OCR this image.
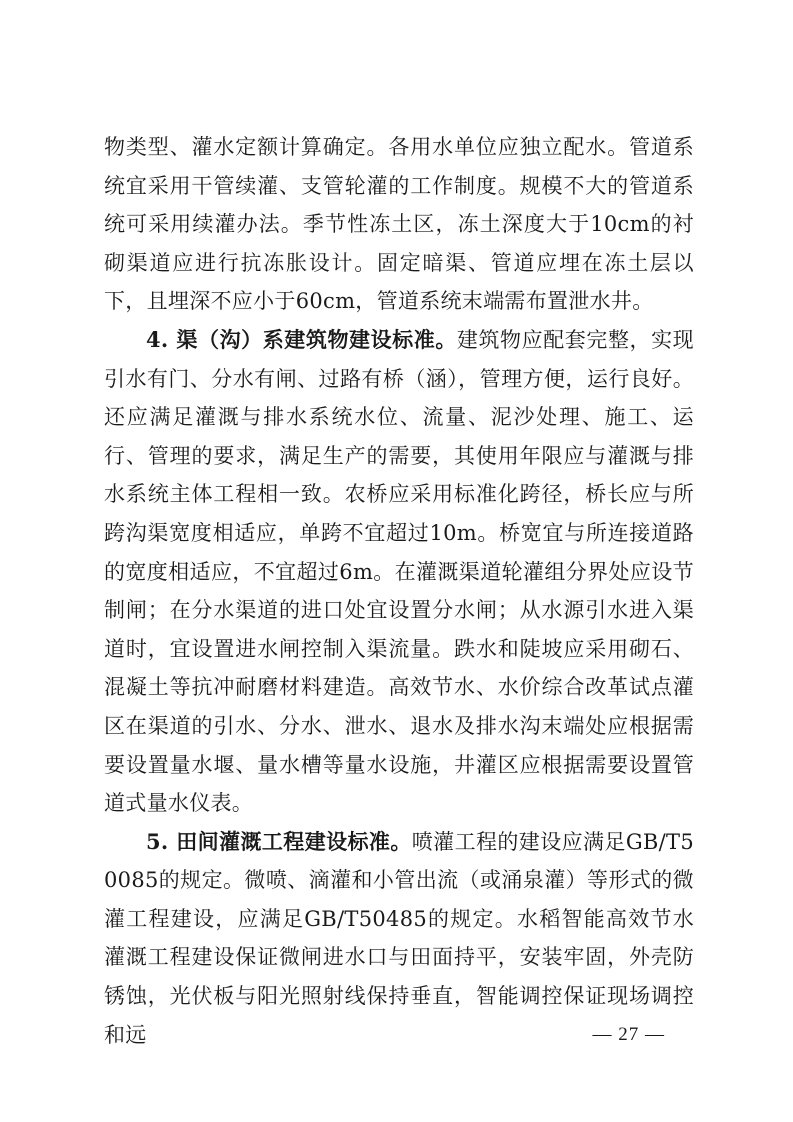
物类型、灌水定额计算确定。各用水单位应独立配水。管道系统宜采用干管续灌、支管轮灌的工作制度。规模不大的管道系统可采用续灌办法。季节性冻土区，冻土深度大于10cm的衬砌渠道应进行抗冻胀设计。固定暗渠、管道应埋在冻土层以下，且埋深不应小于60cm，管道系统末端需布置泄水井。

4. 渠（沟）系建筑物建设标准。建筑物应配套完整，实现引水有门、分水有闸、过路有桥（涵），管理方便，运行良好。还应满足灌溉与排水系统水位、流量、泥沙处理、施工、运行、管理的要求，满足生产的需要，其使用年限应与灌溉与排水系统主体工程相一致。农桥应采用标准化跨径，桥长应与所跨沟渠宽度相适应，单跨不宜超过10m。桥宽宜与所连接道路的宽度相适应，不宜超过6m。在灌溉渠道轮灌组分界处应设节制闸；在分水渠道的进口处宜设置分水闸；从水源引水进入渠道时，宜设置进水闸控制入渠流量。跌水和陡坡应采用砌石、混凝土等抗冲耐磨材料建造。高效节水、水价综合改革试点灌区在渠道的引水、分水、泄水、退水及排水沟末端处应根据需要设置量水堰、量水槽等量水设施，井灌区应根据需要设置管道式量水仪表。

5. 田间灌溉工程建设标准。喷灌工程的建设应满足GB/T50085的规定。微喷、滴灌和小管出流（或涌泉灌）等形式的微灌工程建设，应满足GB/T50485的规定。水稻智能高效节水灌溉工程建设保证微闸进水口与田面持平，安装牢固，外壳防锈蚀，光伏板与阳光照射线保持垂直，智能调控保证现场调控和远	— 27 —
